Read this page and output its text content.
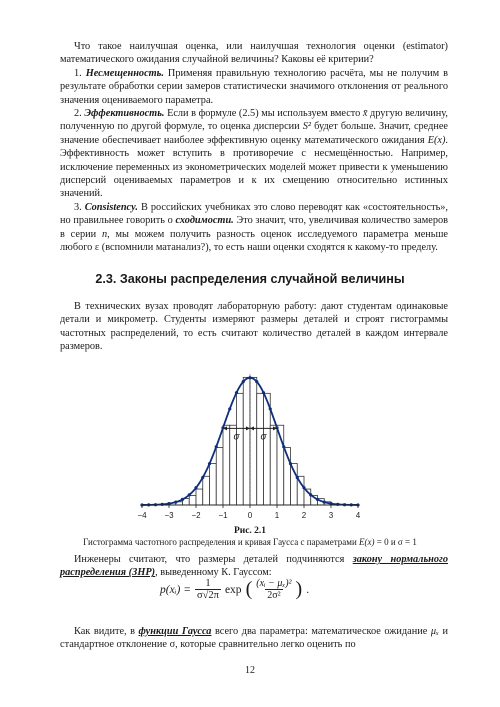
Что такое наилучшая оценка, или наилучшая технология оценки (estimator) математического ожидания случайной величины? Каковы её критерии?

1. Несмещенность. Применяя правильную технологию расчёта, мы не получим в результате обработки серии замеров статистически значимого отклонения от реального значения оцениваемого параметра.

2. Эффективность. Если в формуле (2.5) мы используем вместо x̄ другую величину, полученную по другой формуле, то оценка дисперсии S² будет больше. Значит, среднее значение обеспечивает наиболее эффективную оценку математического ожидания E(x). Эффективность может вступить в противоречие с несмещённостью. Например, исключение переменных из эконометрических моделей может привести к уменьшению дисперсий оцениваемых параметров и к их смещению относительно истинных значений.

3. Consistency. В российских учебниках это слово переводят как «состоятельность», но правильнее говорить о сходимости. Это значит, что, увеличивая количество замеров в серии n, мы можем получить разность оценок исследуемого параметра меньше любого ε (вспомнили матанализ?), то есть наши оценки сходятся к какому-то пределу.

2.3. Законы распределения случайной величины

В технических вузах проводят лабораторную работу: дают студентам одинаковые детали и микрометр. Студенты измеряют размеры деталей и строят гистограммы частотных распределений, то есть считают количество деталей в каждом интервале размеров.

σ σ
−4 −3 −2 −1	0	1	2	3	4
Рис. 2.1
Гистограмма частотного распределения и кривая Гаусса с параметрами E(x) = 0 и σ = 1

Инженеры считают, что размеры деталей подчиняются закону нормального распределения (ЗНР), выведенному К. Гауссом:

p(xᵢ) = $\frac{1}{\sigma√2\pi}$ exp ( (xᵢ − μₓ)²
2σ² ) .

Как видите, в функции Гаусса всего два параметра: математическое ожидание μₓ и стандартное отклонение σ, которые сравнительно легко оценить по

12
